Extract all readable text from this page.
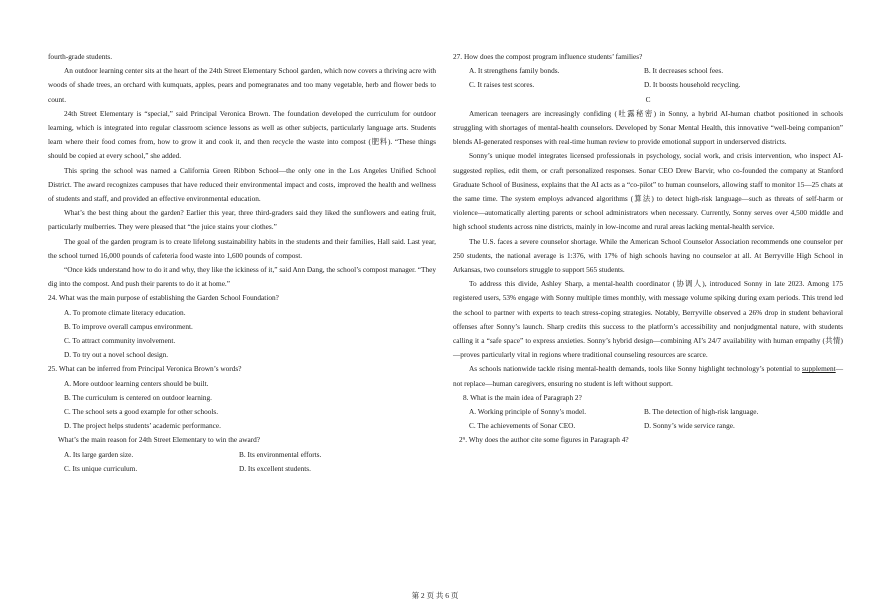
fourth-grade students.

An outdoor learning center sits at the heart of the 24th Street Elementary School garden, which now covers a thriving acre with woods of shade trees, an orchard with kumquats, apples, pears and pomegranates and too many vegetable, herb and flower beds to count.

24th Street Elementary is “special,” said Principal Veronica Brown. The foundation developed the curriculum for outdoor learning, which is integrated into regular classroom science lessons as well as other subjects, particularly language arts. Students learn where their food comes from, how to grow it and cook it, and then recycle the waste into compost (肥料). “These things should be copied at every school,” she added.

This spring the school was named a California Green Ribbon School—the only one in the Los Angeles Unified School District. The award recognizes campuses that have reduced their environmental impact and costs, improved the health and wellness of students and staff, and provided an effective environmental education.

What’s the best thing about the garden? Earlier this year, three third-graders said they liked the sunflowers and eating fruit, particularly mulberries. They were pleased that “the juice stains your clothes.”

The goal of the garden program is to create lifelong sustainability habits in the students and their families, Hall said. Last year, the school turned 16,000 pounds of cafeteria food waste into 1,600 pounds of compost.

“Once kids understand how to do it and why, they like the ickiness of it,” said Ann Dang, the school’s compost manager. “They dig into the compost. And push their parents to do it at home.”

24. What was the main purpose of establishing the Garden School Foundation?

A. To promote climate literacy education.

B. To improve overall campus environment.

C. To attract community involvement.

D. To try out a novel school design.

25. What can be inferred from Principal Veronica Brown’s words?

A. More outdoor learning centers should be built.

B. The curriculum is centered on outdoor learning.

C. The school sets a good example for other schools.

D. The project helps students’ academic performance.

What’s the main reason for 24th Street Elementary to win the award?

A. Its large garden size.	B. Its environmental efforts.
C. Its unique curriculum.	D. Its excellent students.

27. How does the compost program influence students’ families?

A. It strengthens family bonds.	B. It decreases school fees.
C. It raises test scores.	D. It boosts household recycling.

C

American teenagers are increasingly confiding (吐露秘密) in Sonny, a hybrid AI-human chatbot positioned in schools struggling with shortages of mental-health counselors. Developed by Sonar Mental Health, this innovative “well-being companion” blends AI-generated responses with real-time human review to provide emotional support in underserved districts.

Sonny’s unique model integrates licensed professionals in psychology, social work, and crisis intervention, who inspect AI-suggested replies, edit them, or craft personalized responses. Sonar CEO Drew Barvir, who co-founded the company at Stanford Graduate School of Business, explains that the AI acts as a “co-pilot” to human counselors, allowing staff to monitor 15—25 chats at the same time. The system employs advanced algorithms (算法) to detect high-risk language—such as threats of self-harm or violence—automatically alerting parents or school administrators when necessary. Currently, Sonny serves over 4,500 middle and high school students across nine districts, mainly in low-income and rural areas lacking mental-health service.

The U.S. faces a severe counselor shortage. While the American School Counselor Association recommends one counselor per 250 students, the national average is 1:376, with 17% of high schools having no counselor at all. At Berryville High School in Arkansas, two counselors struggle to support 565 students.

To address this divide, Ashley Sharp, a mental-health coordinator (协调人), introduced Sonny in late 2023. Among 175 registered users, 53% engage with Sonny multiple times monthly, with message volume spiking during exam periods. This trend led the school to partner with experts to teach stress-coping strategies. Notably, Berryville observed a 26% drop in student behavioral offenses after Sonny’s launch. Sharp credits this success to the platform’s accessibility and nonjudgmental nature, with students calling it a “safe space” to express anxieties. Sonny’s hybrid design—combining AI’s 24/7 availability with human empathy (共情)—proves particularly vital in regions where traditional counseling resources are scarce.

As schools nationwide tackle rising mental-health demands, tools like Sonny highlight technology’s potential to supplement—not replace—human caregivers, ensuring no student is left without support.

8. What is the main idea of Paragraph 2?

A. Working principle of Sonny’s model.	B. The detection of high-risk language.
C. The achievements of Sonar CEO.	D. Sonny’s wide service range.

2⁹. Why does the author cite some figures in Paragraph 4?

第 2 页 共 6 页
